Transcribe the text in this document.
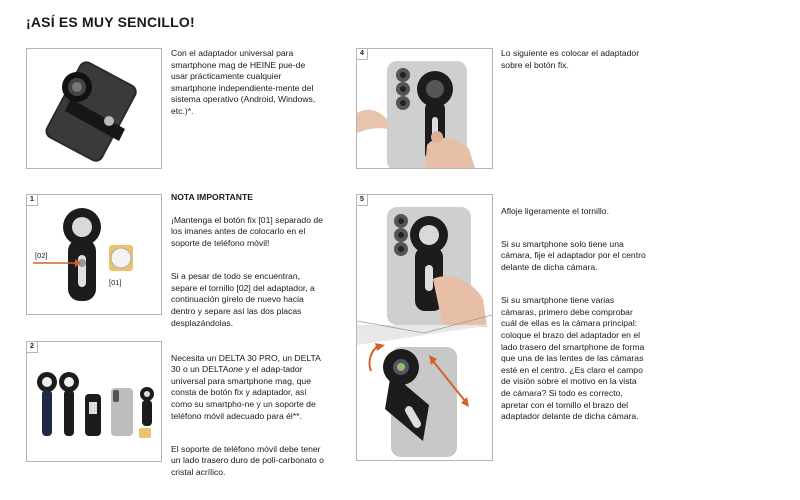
¡ASÍ ES MUY SENCILLO!
Con el adaptador universal para smartphone mag de HEINE pue-de usar prácticamente cualquier smartphone independiente-mente del sistema operativo (Android, Windows, etc.)*.
4	Lo siguiente es colocar el adaptador sobre el botón fix.

NOTA IMPORTANTE

¡Mantenga el botón fix [01] separado de los imanes antes de colocarlo en el soporte de teléfono móvil!

Si a pesar de todo se encuentran, separe el tornillo [02] del adaptador, a continuación gírelo de nuevo hacia dentro y separe así las dos placas desplazándolas.

1
[02]
[01]
5

Afloje ligeramente el tornillo.

Si su smartphone solo tiene una cámara, fije el adaptador por el centro delante de dicha cámara.

Si su smartphone tiene varias cámaras, primero debe comprobar cuál de ellas es la cámara principal: coloque el brazo del adaptador en el lado trasero del smartphone de forma que una de las lentes de las cámaras esté en el centro. ¿Es claro el campo de visión sobre el motivo en la vista de cámara? Si todo es correcto, apretar con el tornillo el brazo del adaptador delante de dicha cámara.

2

Necesita un DELTA 30 PRO, un DELTA 30 o un DELTAone y el adap-tador universal para smartphone mag, que consta de botón fix y adaptador, así como su smartpho-ne y un soporte de teléfono móvil adecuado para él**.

El soporte de teléfono móvil debe tener un lado trasero duro de poli-carbonato o cristal acrílico.
